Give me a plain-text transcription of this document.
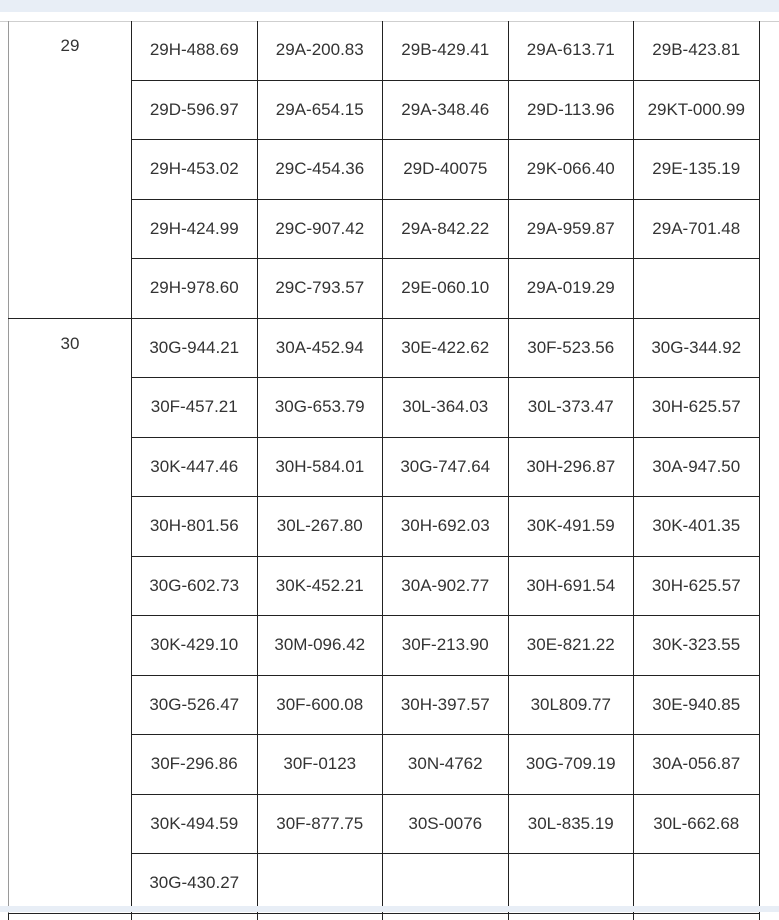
29	29H-488.69	29A-200.83	29B-429.41	29A-613.71	29B-423.81
	29D-596.97	29A-654.15	29A-348.46	29D-113.96	29KT-000.99
	29H-453.02	29C-454.36	29D-40075	29K-066.40	29E-135.19
	29H-424.99	29C-907.42	29A-842.22	29A-959.87	29A-701.48
	29H-978.60	29C-793.57	29E-060.10	29A-019.29	
30	30G-944.21	30A-452.94	30E-422.62	30F-523.56	30G-344.92
	30F-457.21	30G-653.79	30L-364.03	30L-373.47	30H-625.57
	30K-447.46	30H-584.01	30G-747.64	30H-296.87	30A-947.50
	30H-801.56	30L-267.80	30H-692.03	30K-491.59	30K-401.35
	30G-602.73	30K-452.21	30A-902.77	30H-691.54	30H-625.57
	30K-429.10	30M-096.42	30F-213.90	30E-821.22	30K-323.55
	30G-526.47	30F-600.08	30H-397.57	30L809.77	30E-940.85
	30F-296.86	30F-0123	30N-4762	30G-709.19	30A-056.87
	30K-494.59	30F-877.75	30S-0076	30L-835.19	30L-662.68
	30G-430.27				
